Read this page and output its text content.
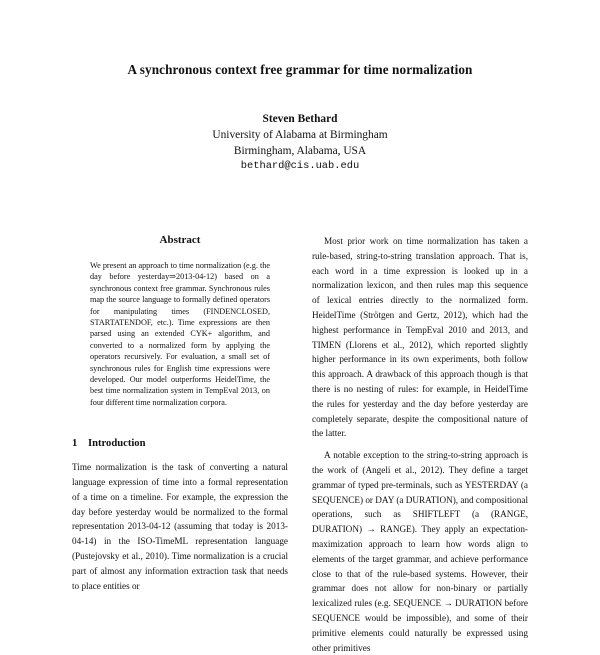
A synchronous context free grammar for time normalization
Steven Bethard
University of Alabama at Birmingham
Birmingham, Alabama, USA
bethard@cis.uab.edu
Abstract

We present an approach to time normalization (e.g. the day before yesterday⇒2013-04-12) based on a synchronous context free grammar. Synchronous rules map the source language to formally defined operators for manipulating times (FINDENCLOSED, STARTATENDOF, etc.). Time expressions are then parsed using an extended CYK+ algorithm, and converted to a normalized form by applying the operators recursively. For evaluation, a small set of synchronous rules for English time expressions were developed. Our model outperforms HeidelTime, the best time normalization system in TempEval 2013, on four different time normalization corpora.

1 Introduction

Time normalization is the task of converting a natural language expression of time into a formal representation of a time on a timeline. For example, the expression the day before yesterday would be normalized to the formal representation 2013-04-12 (assuming that today is 2013-04-14) in the ISO-TimeML representation language (Pustejovsky et al., 2010). Time normalization is a crucial part of almost any information extraction task that needs to place entities or

Most prior work on time normalization has taken a rule-based, string-to-string translation approach. That is, each word in a time expression is looked up in a normalization lexicon, and then rules map this sequence of lexical entries directly to the normalized form. HeidelTime (Strötgen and Gertz, 2012), which had the highest performance in TempEval 2010 and 2013, and TIMEN (Llorens et al., 2012), which reported slightly higher performance in its own experiments, both follow this approach. A drawback of this approach though is that there is no nesting of rules: for example, in HeidelTime the rules for yesterday and the day before yesterday are completely separate, despite the compositional nature of the latter.

A notable exception to the string-to-string approach is the work of (Angeli et al., 2012). They define a target grammar of typed pre-terminals, such as YESTERDAY (a SEQUENCE) or DAY (a DURATION), and compositional operations, such as SHIFTLEFT (a (RANGE, DURATION) → RANGE). They apply an expectation-maximization approach to learn how words align to elements of the target grammar, and achieve performance close to that of the rule-based systems. However, their grammar does not allow for non-binary or partially lexicalized rules (e.g. SEQUENCE → DURATION before SEQUENCE would be impossible), and some of their primitive elements could naturally be expressed using other primitives
